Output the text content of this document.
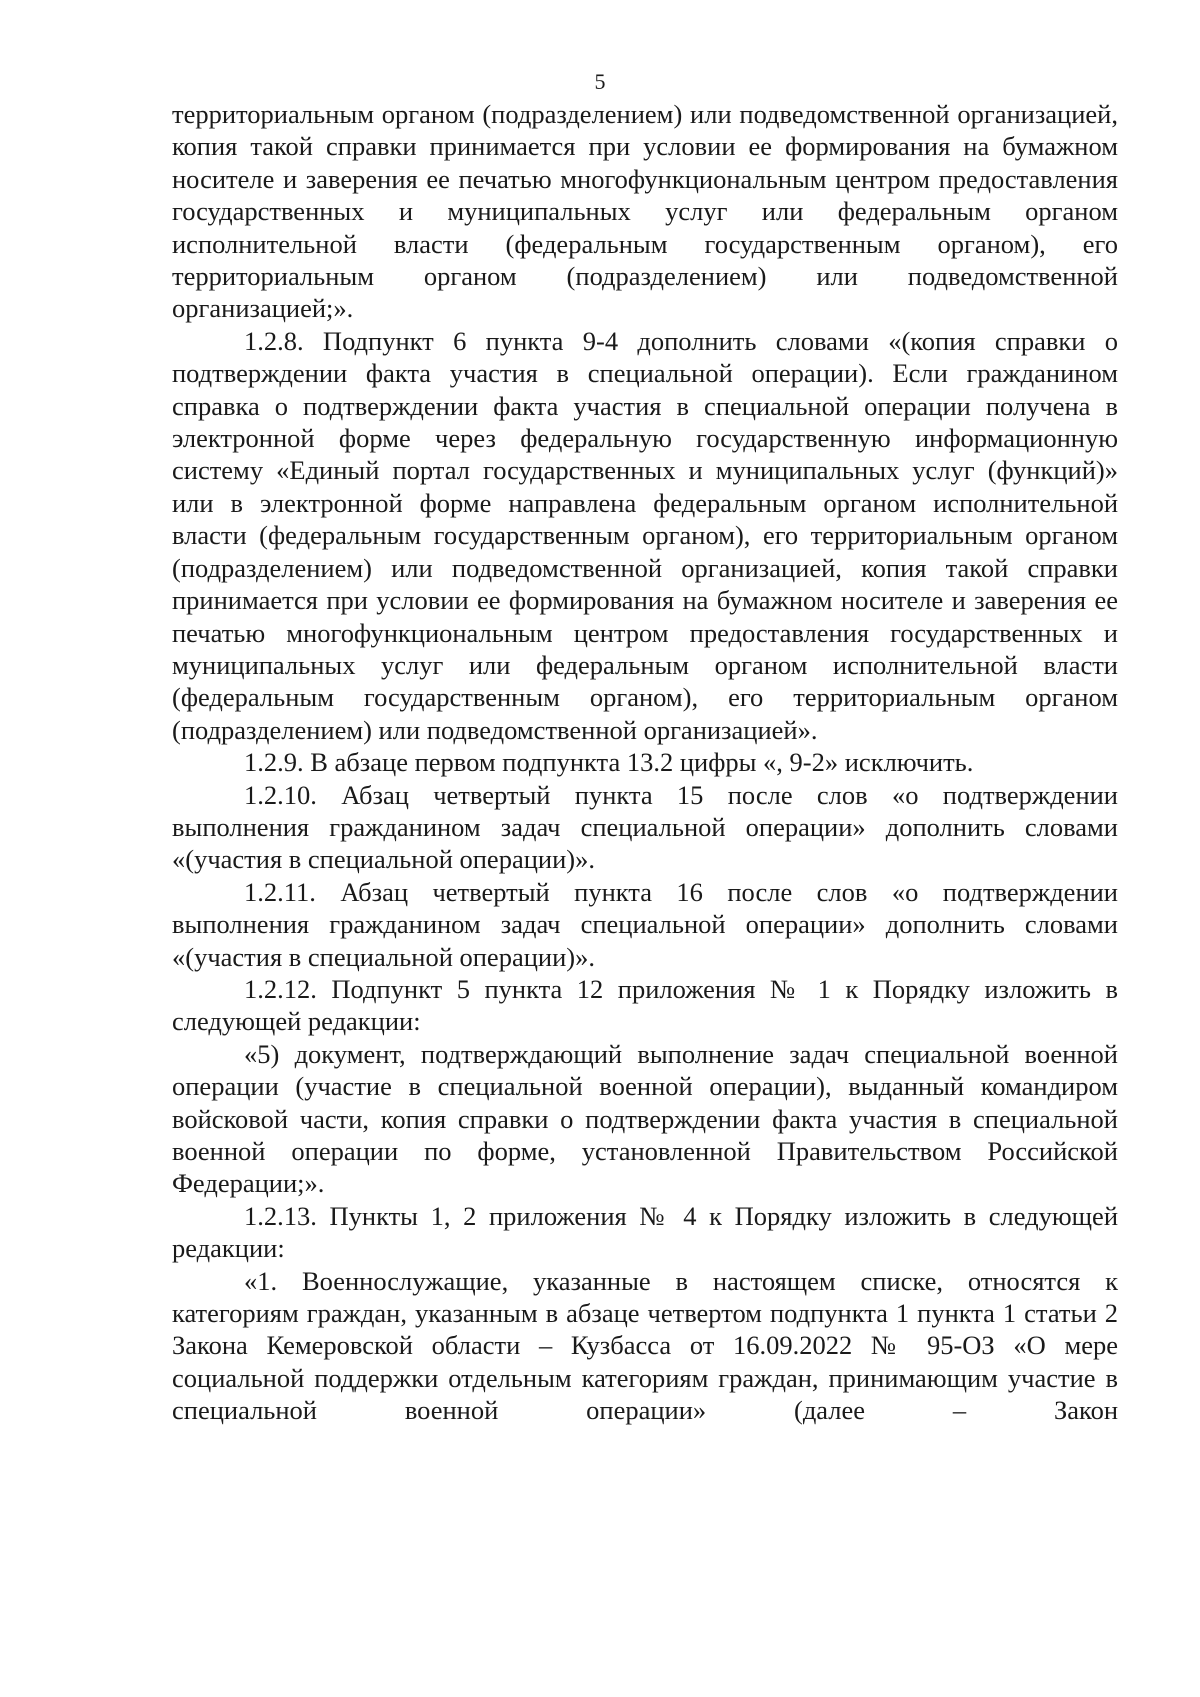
5

территориальным органом (подразделением) или подведомственной организацией, копия такой справки принимается при условии ее формирования на бумажном носителе и заверения ее печатью многофункциональным центром предоставления государственных и муниципальных услуг или федеральным органом исполнительной власти (федеральным государственным органом), его территориальным органом (подразделением) или подведомственной организацией;».

1.2.8. Подпункт 6 пункта 9-4 дополнить словами «(копия справки о подтверждении факта участия в специальной операции). Если гражданином справка о подтверждении факта участия в специальной операции получена в электронной форме через федеральную государственную информационную систему «Единый портал государственных и муниципальных услуг (функций)» или в электронной форме направлена федеральным органом исполнительной власти (федеральным государственным органом), его территориальным органом (подразделением) или подведомственной организацией, копия такой справки принимается при условии ее формирования на бумажном носителе и заверения ее печатью многофункциональным центром предоставления государственных и муниципальных услуг или федеральным органом исполнительной власти (федеральным государственным органом), его территориальным органом (подразделением) или подведомственной организацией».

1.2.9. В абзаце первом подпункта 13.2 цифры «, 9-2» исключить.

1.2.10. Абзац четвертый пункта 15 после слов «о подтверждении выполнения гражданином задач специальной операции» дополнить словами «(участия в специальной операции)».

1.2.11. Абзац четвертый пункта 16 после слов «о подтверждении выполнения гражданином задач специальной операции» дополнить словами «(участия в специальной операции)».

1.2.12. Подпункт 5 пункта 12 приложения № 1 к Порядку изложить в следующей редакции:

«5) документ, подтверждающий выполнение задач специальной военной операции (участие в специальной военной операции), выданный командиром войсковой части, копия справки о подтверждении факта участия в специальной военной операции по форме, установленной Правительством Российской Федерации;».

1.2.13. Пункты 1, 2 приложения № 4 к Порядку изложить в следующей редакции:

«1. Военнослужащие, указанные в настоящем списке, относятся к категориям граждан, указанным в абзаце четвертом подпункта 1 пункта 1 статьи 2 Закона Кемеровской области – Кузбасса от 16.09.2022 № 95-ОЗ «О мере социальной поддержки отдельным категориям граждан, принимающим участие в специальной военной операции» (далее – Закон
